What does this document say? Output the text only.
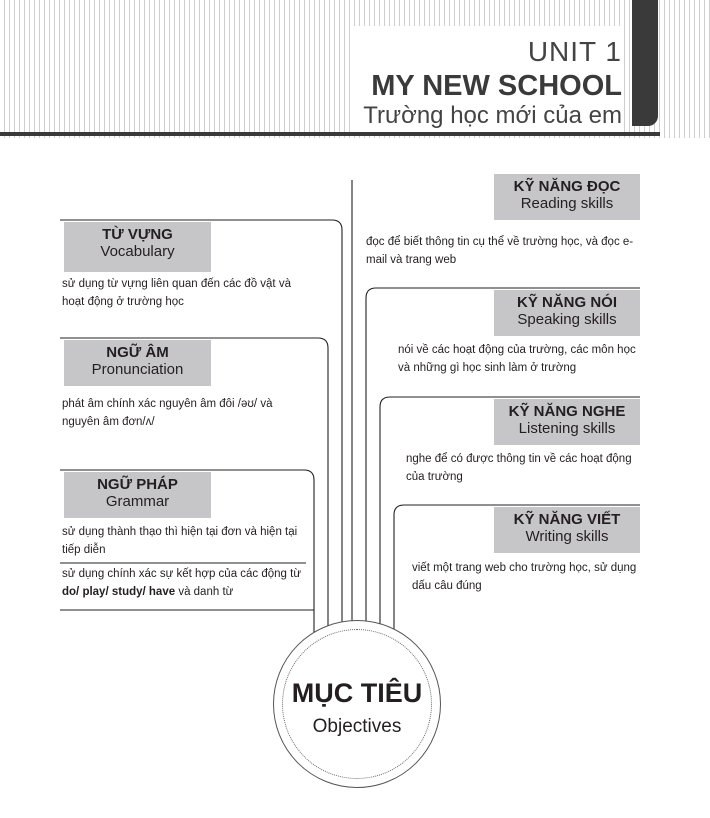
UNIT 1
MY NEW SCHOOL
Trường học mới của em
TỪ VỰNG
Vocabulary
sử dụng từ vựng liên quan đến các đồ vật và hoạt động ở trường học
NGỮ ÂM
Pronunciation
phát âm chính xác nguyên âm đôi /əʊ/ và nguyên âm đơn/ʌ/
NGỮ PHÁP
Grammar
sử dụng thành thạo thì hiện tại đơn và hiện tại tiếp diễn
sử dụng chính xác sự kết hợp của các động từ do/ play/ study/ have và danh từ
KỸ NĂNG ĐỌC
Reading skills
đọc để biết thông tin cụ thể về trường học, và đọc e-mail và trang web
KỸ NĂNG NÓI
Speaking skills
nói về các hoạt động của trường, các môn học và những gì học sinh làm ở trường
KỸ NĂNG NGHE
Listening skills
nghe để có được thông tin về các hoạt động của trường
KỸ NĂNG VIẾT
Writing skills
viết một trang web cho trường học, sử dụng dấu câu đúng
MỤC TIÊU
Objectives
